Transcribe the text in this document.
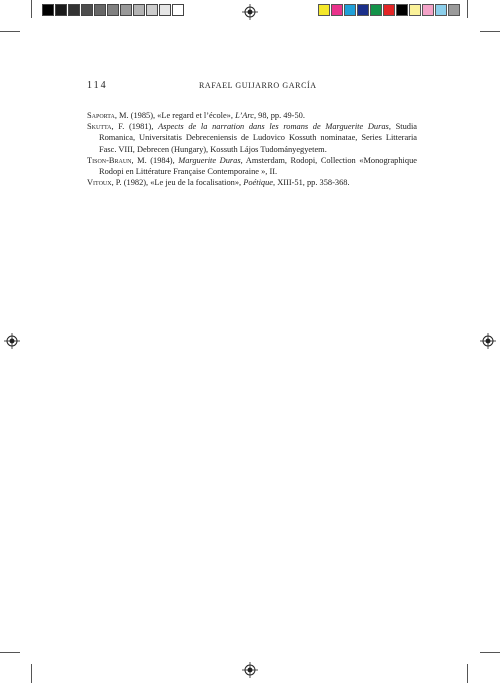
114	RAFAEL GUIJARRO GARCÍA

Saporta, M. (1985), «Le regard et l’école», L’Arc, 98, pp. 49-50.

Skutta, F. (1981), Aspects de la narration dans les romans de Marguerite Duras, Studia Romanica, Universitatis Debreceniensis de Ludovico Kossuth nominatae, Series Litteraria Fasc. VIII, Debrecen (Hungary), Kossuth Lájos Tudományegyetem.

Tison-Braun, M. (1984), Marguerite Duras, Amsterdam, Rodopi, Collection «Monographique Rodopi en Littérature Française Contemporaine », II.

Vitoux, P. (1982), «Le jeu de la focalisation», Poétique, XIII-51, pp. 358-368.
